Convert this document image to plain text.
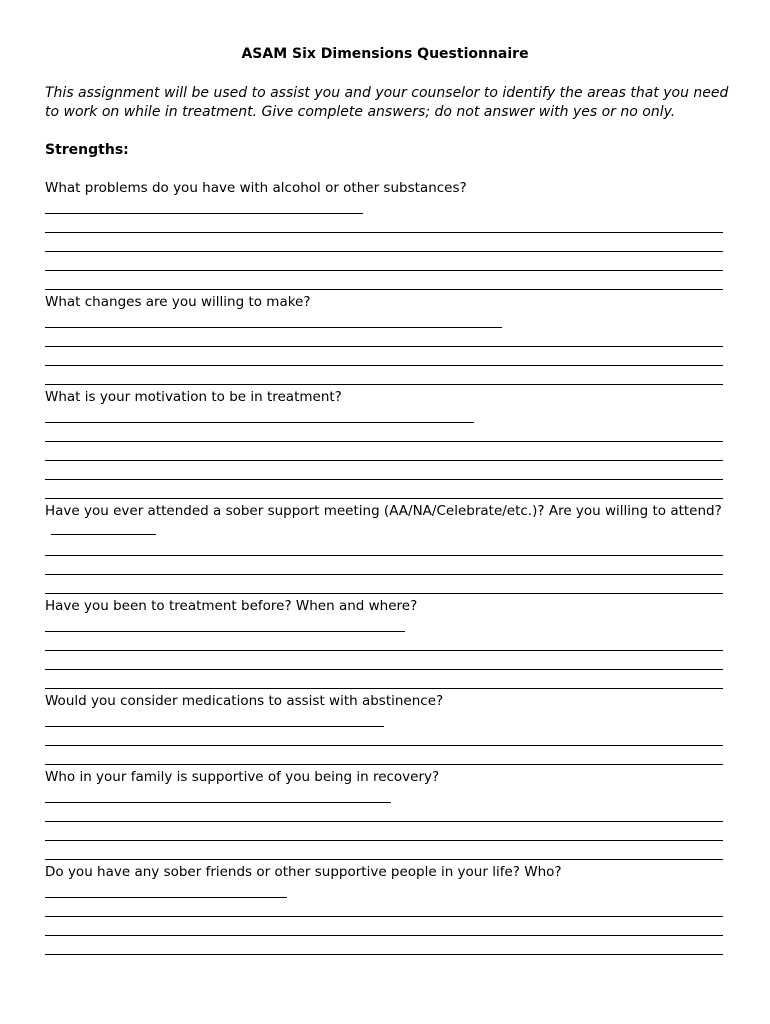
ASAM Six Dimensions Questionnaire
This assignment will be used to assist you and your counselor to identify the areas that you need to work on while in treatment. Give complete answers; do not answer with yes or no only.
Strengths:
What problems do you have with alcohol or other substances?
What changes are you willing to make?
What is your motivation to be in treatment?
Have you ever attended a sober support meeting (AA/NA/Celebrate/etc.)? Are you willing to attend?
Have you been to treatment before? When and where?
Would you consider medications to assist with abstinence?
Who in your family is supportive of you being in recovery?
Do you have any sober friends or other supportive people in your life? Who?
